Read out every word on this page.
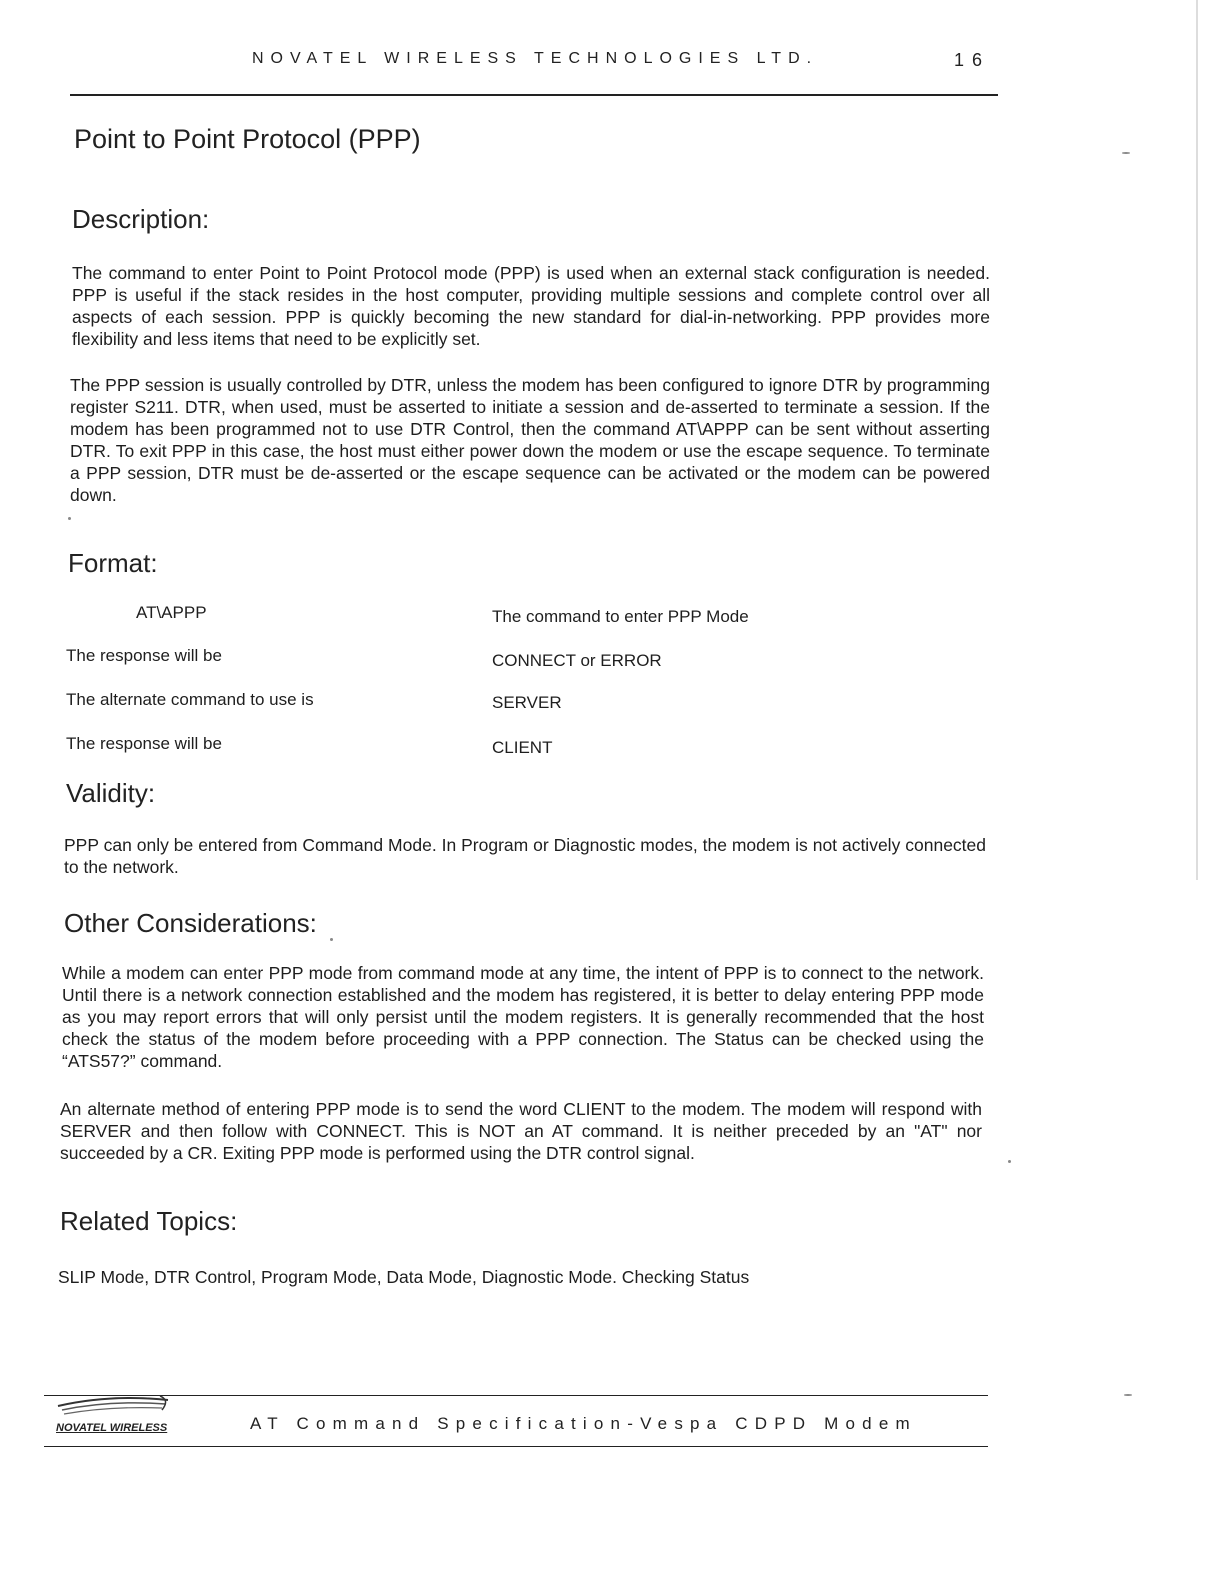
NOVATEL WIRELESS TECHNOLOGIES LTD.	16
Point to Point Protocol (PPP)
Description:
The command to enter Point to Point Protocol mode (PPP) is used when an external stack configuration is needed. PPP is useful if the stack resides in the host computer, providing multiple sessions and complete control over all aspects of each session. PPP is quickly becoming the new standard for dial-in-networking. PPP provides more flexibility and less items that need to be explicitly set.
The PPP session is usually controlled by DTR, unless the modem has been configured to ignore DTR by programming register S211. DTR, when used, must be asserted to initiate a session and de-asserted to terminate a session. If the modem has been programmed not to use DTR Control, then the command AT\APPP can be sent without asserting DTR. To exit PPP in this case, the host must either power down the modem or use the escape sequence. To terminate a PPP session, DTR must be de-asserted or the escape sequence can be activated or the modem can be powered down.
Format:
AT\APPP	The command to enter PPP Mode
The response will be	CONNECT or ERROR
The alternate command to use is	SERVER
The response will be	CLIENT
Validity:
PPP can only be entered from Command Mode. In Program or Diagnostic modes, the modem is not actively connected to the network.
Other Considerations:
While a modem can enter PPP mode from command mode at any time, the intent of PPP is to connect to the network. Until there is a network connection established and the modem has registered, it is better to delay entering PPP mode as you may report errors that will only persist until the modem registers. It is generally recommended that the host check the status of the modem before proceeding with a PPP connection. The Status can be checked using the “ATS57?” command.
An alternate method of entering PPP mode is to send the word CLIENT to the modem. The modem will respond with SERVER and then follow with CONNECT. This is NOT an AT command. It is neither preceded by an "AT" nor succeeded by a CR. Exiting PPP mode is performed using the DTR control signal.
Related Topics:
SLIP Mode, DTR Control, Program Mode, Data Mode, Diagnostic Mode. Checking Status
NOVATEL WIRELESS	AT Command Specification-Vespa CDPD Modem
